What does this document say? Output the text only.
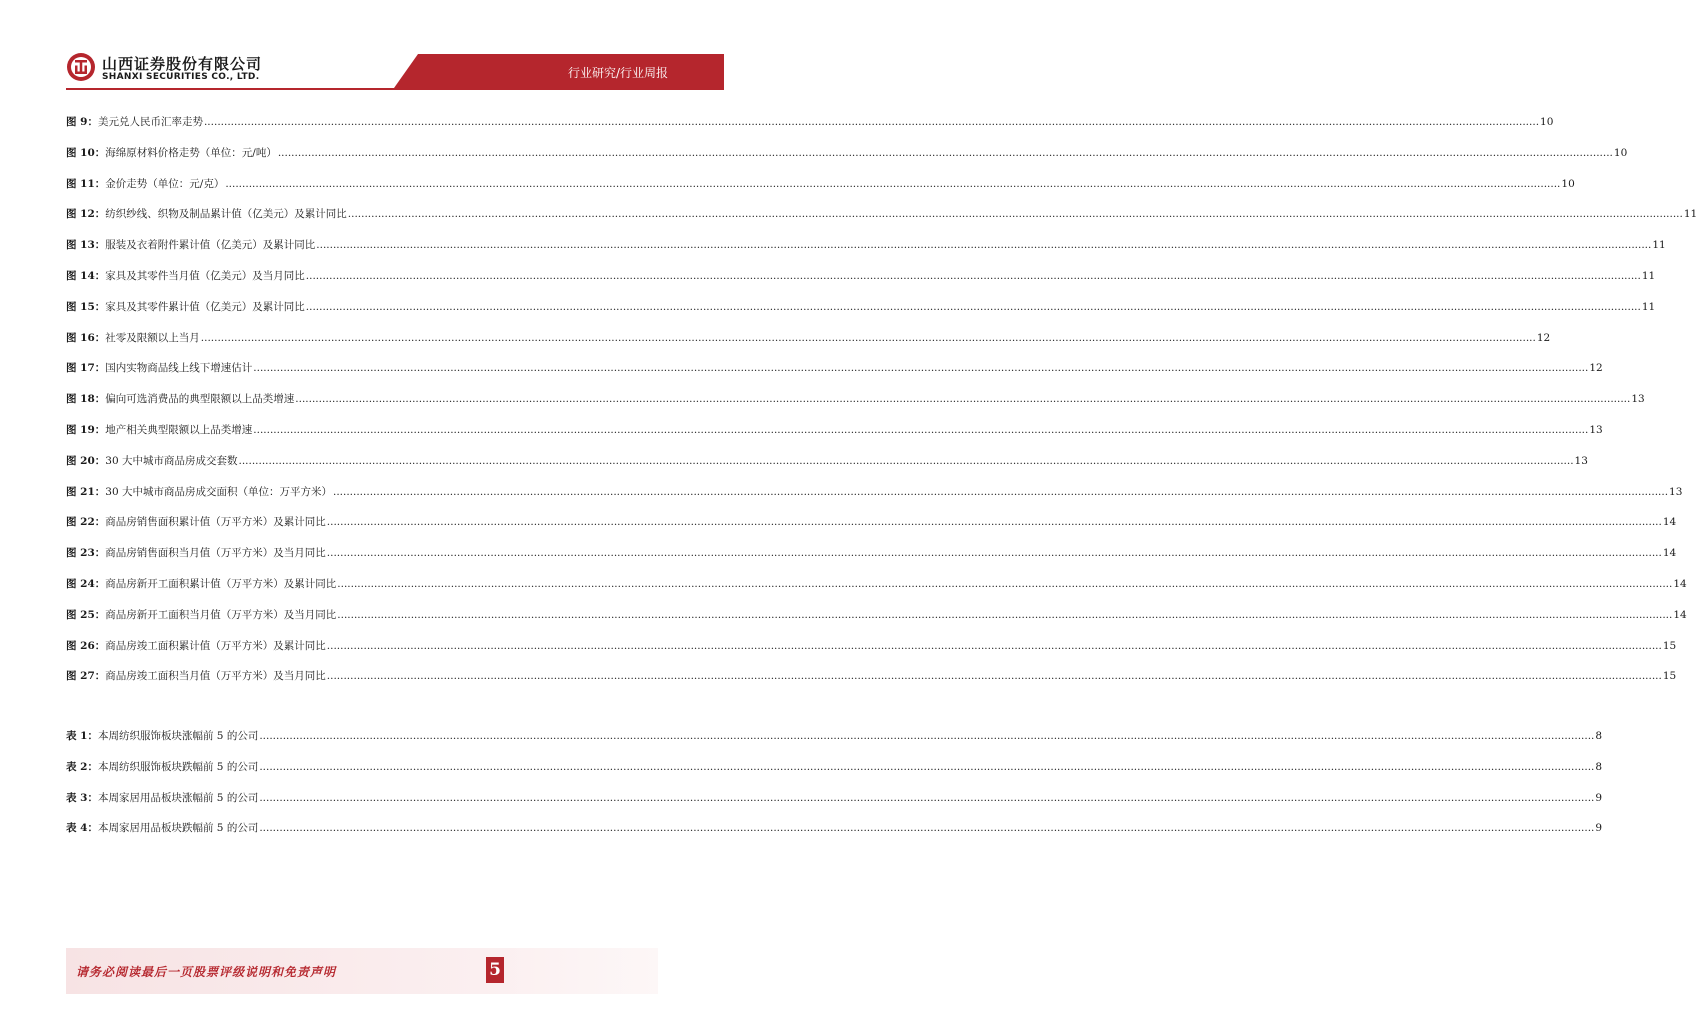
山西证券股份有限公司
SHANXI SECURITIES CO., LTD.	行业研究/行业周报
图 9： 美元兑人民币汇率走势 ................................................................................................................................................................................................................................................................................................................................................................................................................ 10
图 10： 海绵原材料价格走势（单位：元/吨） ................................................................................................................................................................................................................................................................................................................................................................................................................ 10
图 11： 金价走势（单位：元/克） ................................................................................................................................................................................................................................................................................................................................................................................................................ 10
图 12： 纺织纱线、织物及制品累计值（亿美元）及累计同比 ................................................................................................................................................................................................................................................................................................................................................................................................................ 11
图 13： 服装及衣着附件累计值（亿美元）及累计同比 ................................................................................................................................................................................................................................................................................................................................................................................................................ 11
图 14： 家具及其零件当月值（亿美元）及当月同比 ................................................................................................................................................................................................................................................................................................................................................................................................................ 11
图 15： 家具及其零件累计值（亿美元）及累计同比 ................................................................................................................................................................................................................................................................................................................................................................................................................ 11
图 16： 社零及限额以上当月 ................................................................................................................................................................................................................................................................................................................................................................................................................ 12
图 17： 国内实物商品线上线下增速估计 ................................................................................................................................................................................................................................................................................................................................................................................................................ 12
图 18： 偏向可选消费品的典型限额以上品类增速 ................................................................................................................................................................................................................................................................................................................................................................................................................ 13
图 19： 地产相关典型限额以上品类增速 ................................................................................................................................................................................................................................................................................................................................................................................................................ 13
图 20： 30 大中城市商品房成交套数 ................................................................................................................................................................................................................................................................................................................................................................................................................ 13
图 21： 30 大中城市商品房成交面积（单位：万平方米） ................................................................................................................................................................................................................................................................................................................................................................................................................ 13
图 22： 商品房销售面积累计值（万平方米）及累计同比 ................................................................................................................................................................................................................................................................................................................................................................................................................ 14
图 23： 商品房销售面积当月值（万平方米）及当月同比 ................................................................................................................................................................................................................................................................................................................................................................................................................ 14
图 24： 商品房新开工面积累计值（万平方米）及累计同比 ................................................................................................................................................................................................................................................................................................................................................................................................................ 14
图 25： 商品房新开工面积当月值（万平方米）及当月同比 ................................................................................................................................................................................................................................................................................................................................................................................................................ 14
图 26： 商品房竣工面积累计值（万平方米）及累计同比 ................................................................................................................................................................................................................................................................................................................................................................................................................ 15
图 27： 商品房竣工面积当月值（万平方米）及当月同比 ................................................................................................................................................................................................................................................................................................................................................................................................................ 15
表 1： 本周纺织服饰板块涨幅前 5 的公司 ................................................................................................................................................................................................................................................................................................................................................................................................................ 8
表 2： 本周纺织服饰板块跌幅前 5 的公司 ................................................................................................................................................................................................................................................................................................................................................................................................................ 8
表 3： 本周家居用品板块涨幅前 5 的公司 ................................................................................................................................................................................................................................................................................................................................................................................................................ 9
表 4： 本周家居用品板块跌幅前 5 的公司 ................................................................................................................................................................................................................................................................................................................................................................................................................ 9
请务必阅读最后一页股票评级说明和免责声明	5
